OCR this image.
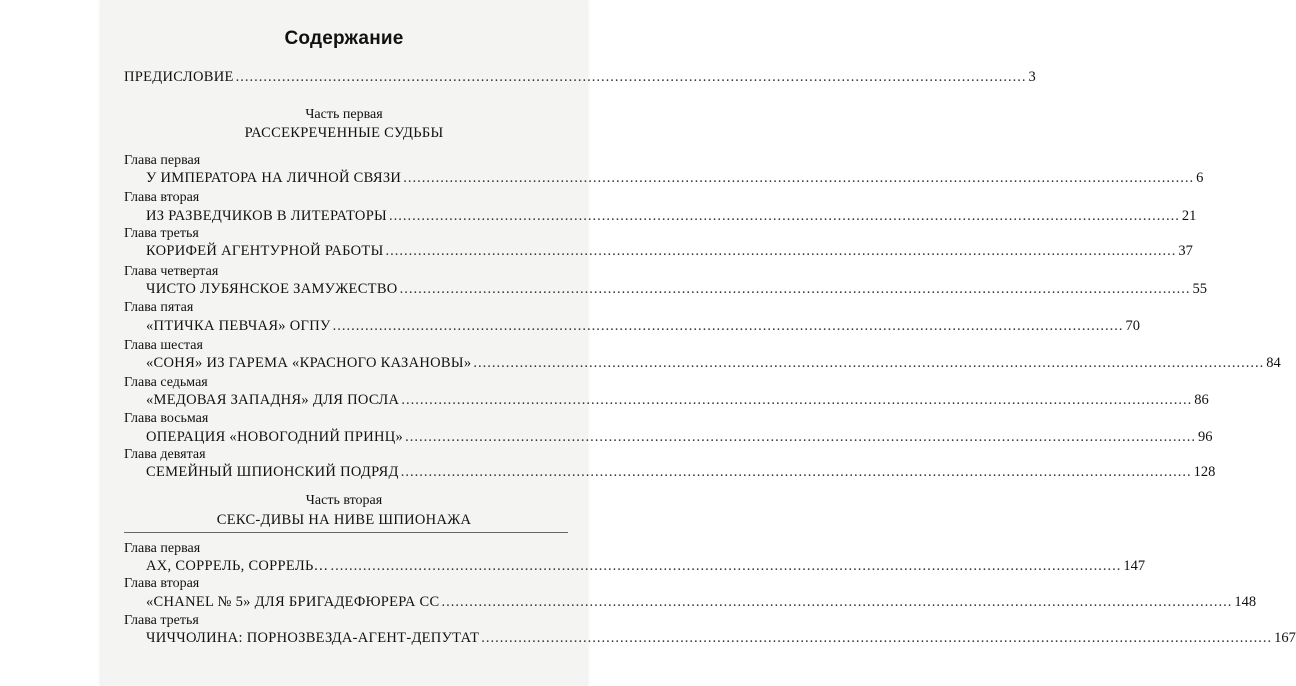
Содержание
ПРЕДИСЛОВИЕ ........................................................................................................................................................................... 3
Часть первая
РАССЕКРЕЧЕННЫЕ СУДЬБЫ
Глава первая
У ИМПЕРАТОРА НА ЛИЧНОЙ СВЯЗИ ........................................................................................................................................................................... 6
Глава вторая
ИЗ РАЗВЕДЧИКОВ В ЛИТЕРАТОРЫ ........................................................................................................................................................................... 21
Глава третья
КОРИФЕЙ АГЕНТУРНОЙ РАБОТЫ ........................................................................................................................................................................... 37
Глава четвертая
ЧИСТО ЛУБЯНСКОЕ ЗАМУЖЕСТВО ........................................................................................................................................................................... 55
Глава пятая
«ПТИЧКА ПЕВЧАЯ» ОГПУ ........................................................................................................................................................................... 70
Глава шестая
«СОНЯ» ИЗ ГАРЕМА «КРАСНОГО КАЗАНОВЫ» ........................................................................................................................................................................... 84
Глава седьмая
«МЕДОВАЯ ЗАПАДНЯ» ДЛЯ ПОСЛА ........................................................................................................................................................................... 86
Глава восьмая
ОПЕРАЦИЯ «НОВОГОДНИЙ ПРИНЦ» ........................................................................................................................................................................... 96
Глава девятая
СЕМЕЙНЫЙ ШПИОНСКИЙ ПОДРЯД ........................................................................................................................................................................... 128
Часть вторая
СЕКС-ДИВЫ НА НИВЕ ШПИОНАЖА
Глава первая
АХ, СОРРЕЛЬ, СОРРЕЛЬ… ........................................................................................................................................................................... 147
Глава вторая
«CHANEL № 5» ДЛЯ БРИГАДЕФЮРЕРА СС ........................................................................................................................................................................... 148
Глава третья
ЧИЧЧОЛИНА: ПОРНОЗВЕЗДА-АГЕНТ-ДЕПУТАТ ........................................................................................................................................................................... 167
